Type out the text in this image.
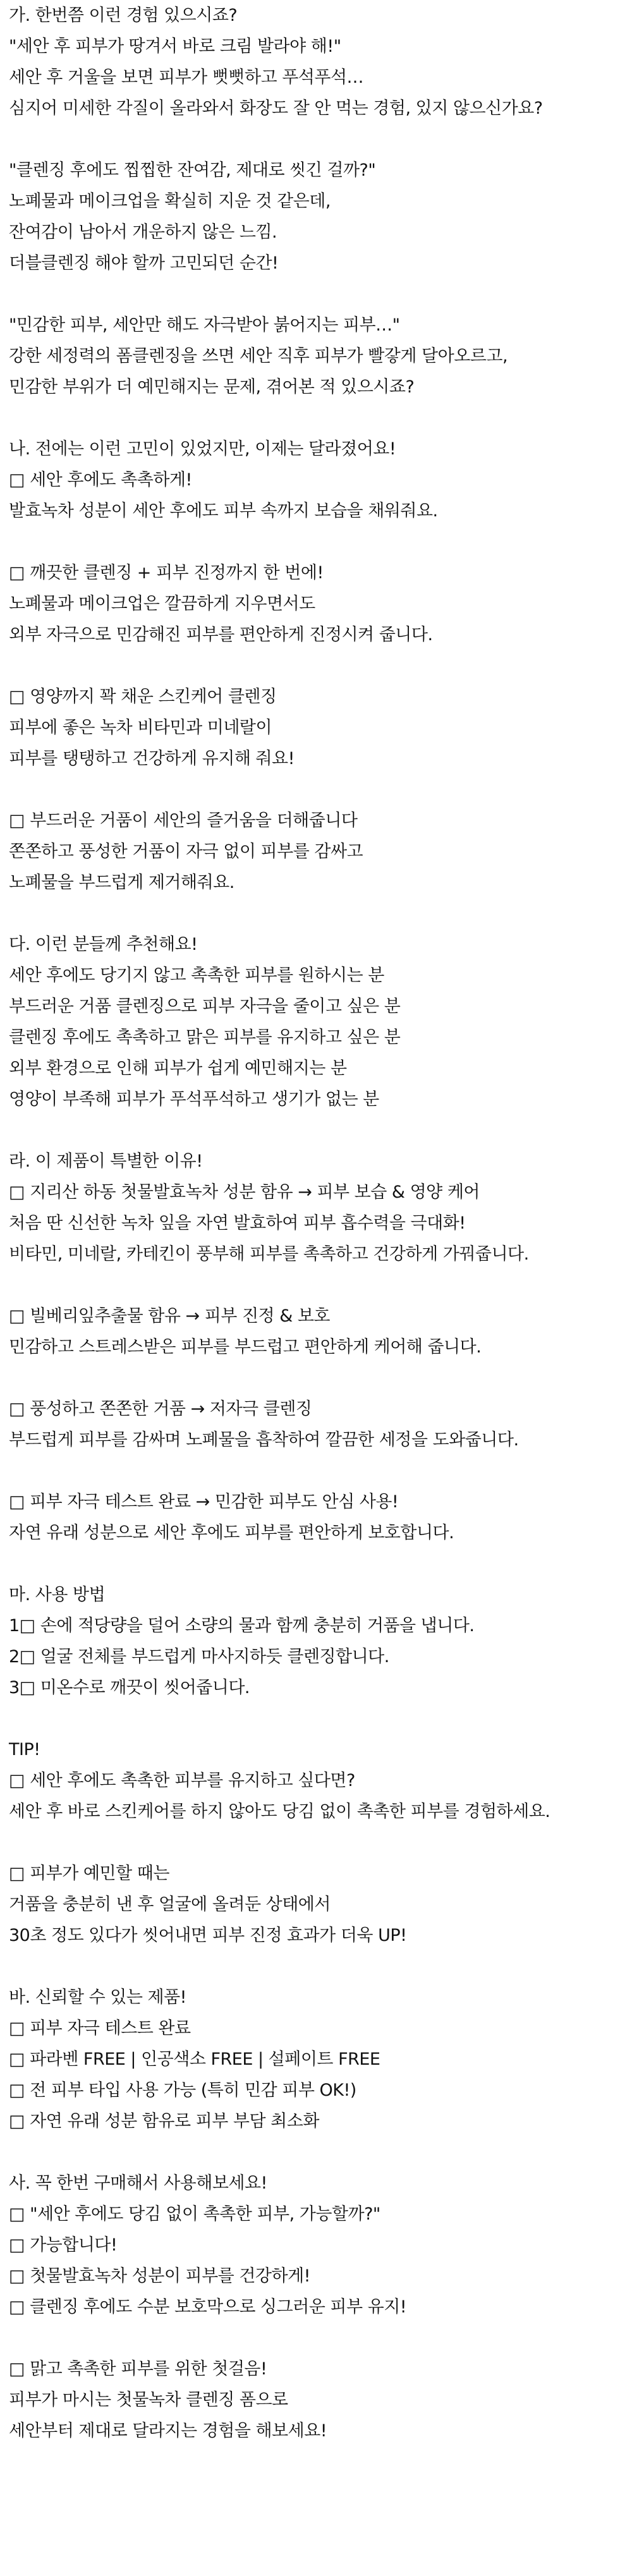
가. 한번쯤 이런 경험 있으시죠?
"세안 후 피부가 땅겨서 바로 크림 발라야 해!"
세안 후 거울을 보면 피부가 뻣뻣하고 푸석푸석…
심지어 미세한 각질이 올라와서 화장도 잘 안 먹는 경험, 있지 않으신가요?
"클렌징 후에도 찝찝한 잔여감, 제대로 씻긴 걸까?"
노폐물과 메이크업을 확실히 지운 것 같은데,
잔여감이 남아서 개운하지 않은 느낌.
더블클렌징 해야 할까 고민되던 순간!
"민감한 피부, 세안만 해도 자극받아 붉어지는 피부…"
강한 세정력의 폼클렌징을 쓰면 세안 직후 피부가 빨갛게 달아오르고,
민감한 부위가 더 예민해지는 문제, 겪어본 적 있으시죠?
나. 전에는 이런 고민이 있었지만, 이제는 달라졌어요!
□ 세안 후에도 촉촉하게!
발효녹차 성분이 세안 후에도 피부 속까지 보습을 채워줘요.
□ 깨끗한 클렌징 + 피부 진정까지 한 번에!
노폐물과 메이크업은 깔끔하게 지우면서도
외부 자극으로 민감해진 피부를 편안하게 진정시켜 줍니다.
□ 영양까지 꽉 채운 스킨케어 클렌징
피부에 좋은 녹차 비타민과 미네랄이
피부를 탱탱하고 건강하게 유지해 줘요!
□ 부드러운 거품이 세안의 즐거움을 더해줍니다
쫀쫀하고 풍성한 거품이 자극 없이 피부를 감싸고
노폐물을 부드럽게 제거해줘요.
다. 이런 분들께 추천해요!
세안 후에도 당기지 않고 촉촉한 피부를 원하시는 분
부드러운 거품 클렌징으로 피부 자극을 줄이고 싶은 분
클렌징 후에도 촉촉하고 맑은 피부를 유지하고 싶은 분
외부 환경으로 인해 피부가 쉽게 예민해지는 분
영양이 부족해 피부가 푸석푸석하고 생기가 없는 분
라. 이 제품이 특별한 이유!
□ 지리산 하동 첫물발효녹차 성분 함유 → 피부 보습 & 영양 케어
처음 딴 신선한 녹차 잎을 자연 발효하여 피부 흡수력을 극대화!
비타민, 미네랄, 카테킨이 풍부해 피부를 촉촉하고 건강하게 가꿔줍니다.
□ 빌베리잎추출물 함유 → 피부 진정 & 보호
민감하고 스트레스받은 피부를 부드럽고 편안하게 케어해 줍니다.
□ 풍성하고 쫀쫀한 거품 → 저자극 클렌징
부드럽게 피부를 감싸며 노폐물을 흡착하여 깔끔한 세정을 도와줍니다.
□ 피부 자극 테스트 완료 → 민감한 피부도 안심 사용!
자연 유래 성분으로 세안 후에도 피부를 편안하게 보호합니다.
마. 사용 방법
1□ 손에 적당량을 덜어 소량의 물과 함께 충분히 거품을 냅니다.
2□ 얼굴 전체를 부드럽게 마사지하듯 클렌징합니다.
3□ 미온수로 깨끗이 씻어줍니다.
TIP!
□ 세안 후에도 촉촉한 피부를 유지하고 싶다면?
세안 후 바로 스킨케어를 하지 않아도 당김 없이 촉촉한 피부를 경험하세요.
□ 피부가 예민할 때는
거품을 충분히 낸 후 얼굴에 올려둔 상태에서
30초 정도 있다가 씻어내면 피부 진정 효과가 더욱 UP!
바. 신뢰할 수 있는 제품!
□ 피부 자극 테스트 완료
□ 파라벤 FREE | 인공색소 FREE | 설페이트 FREE
□ 전 피부 타입 사용 가능 (특히 민감 피부 OK!)
□ 자연 유래 성분 함유로 피부 부담 최소화
사. 꼭 한번 구매해서 사용해보세요!
□ "세안 후에도 당김 없이 촉촉한 피부, 가능할까?"
□ 가능합니다!
□ 첫물발효녹차 성분이 피부를 건강하게!
□ 클렌징 후에도 수분 보호막으로 싱그러운 피부 유지!
□ 맑고 촉촉한 피부를 위한 첫걸음!
피부가 마시는 첫물녹차 클렌징 폼으로
세안부터 제대로 달라지는 경험을 해보세요!
